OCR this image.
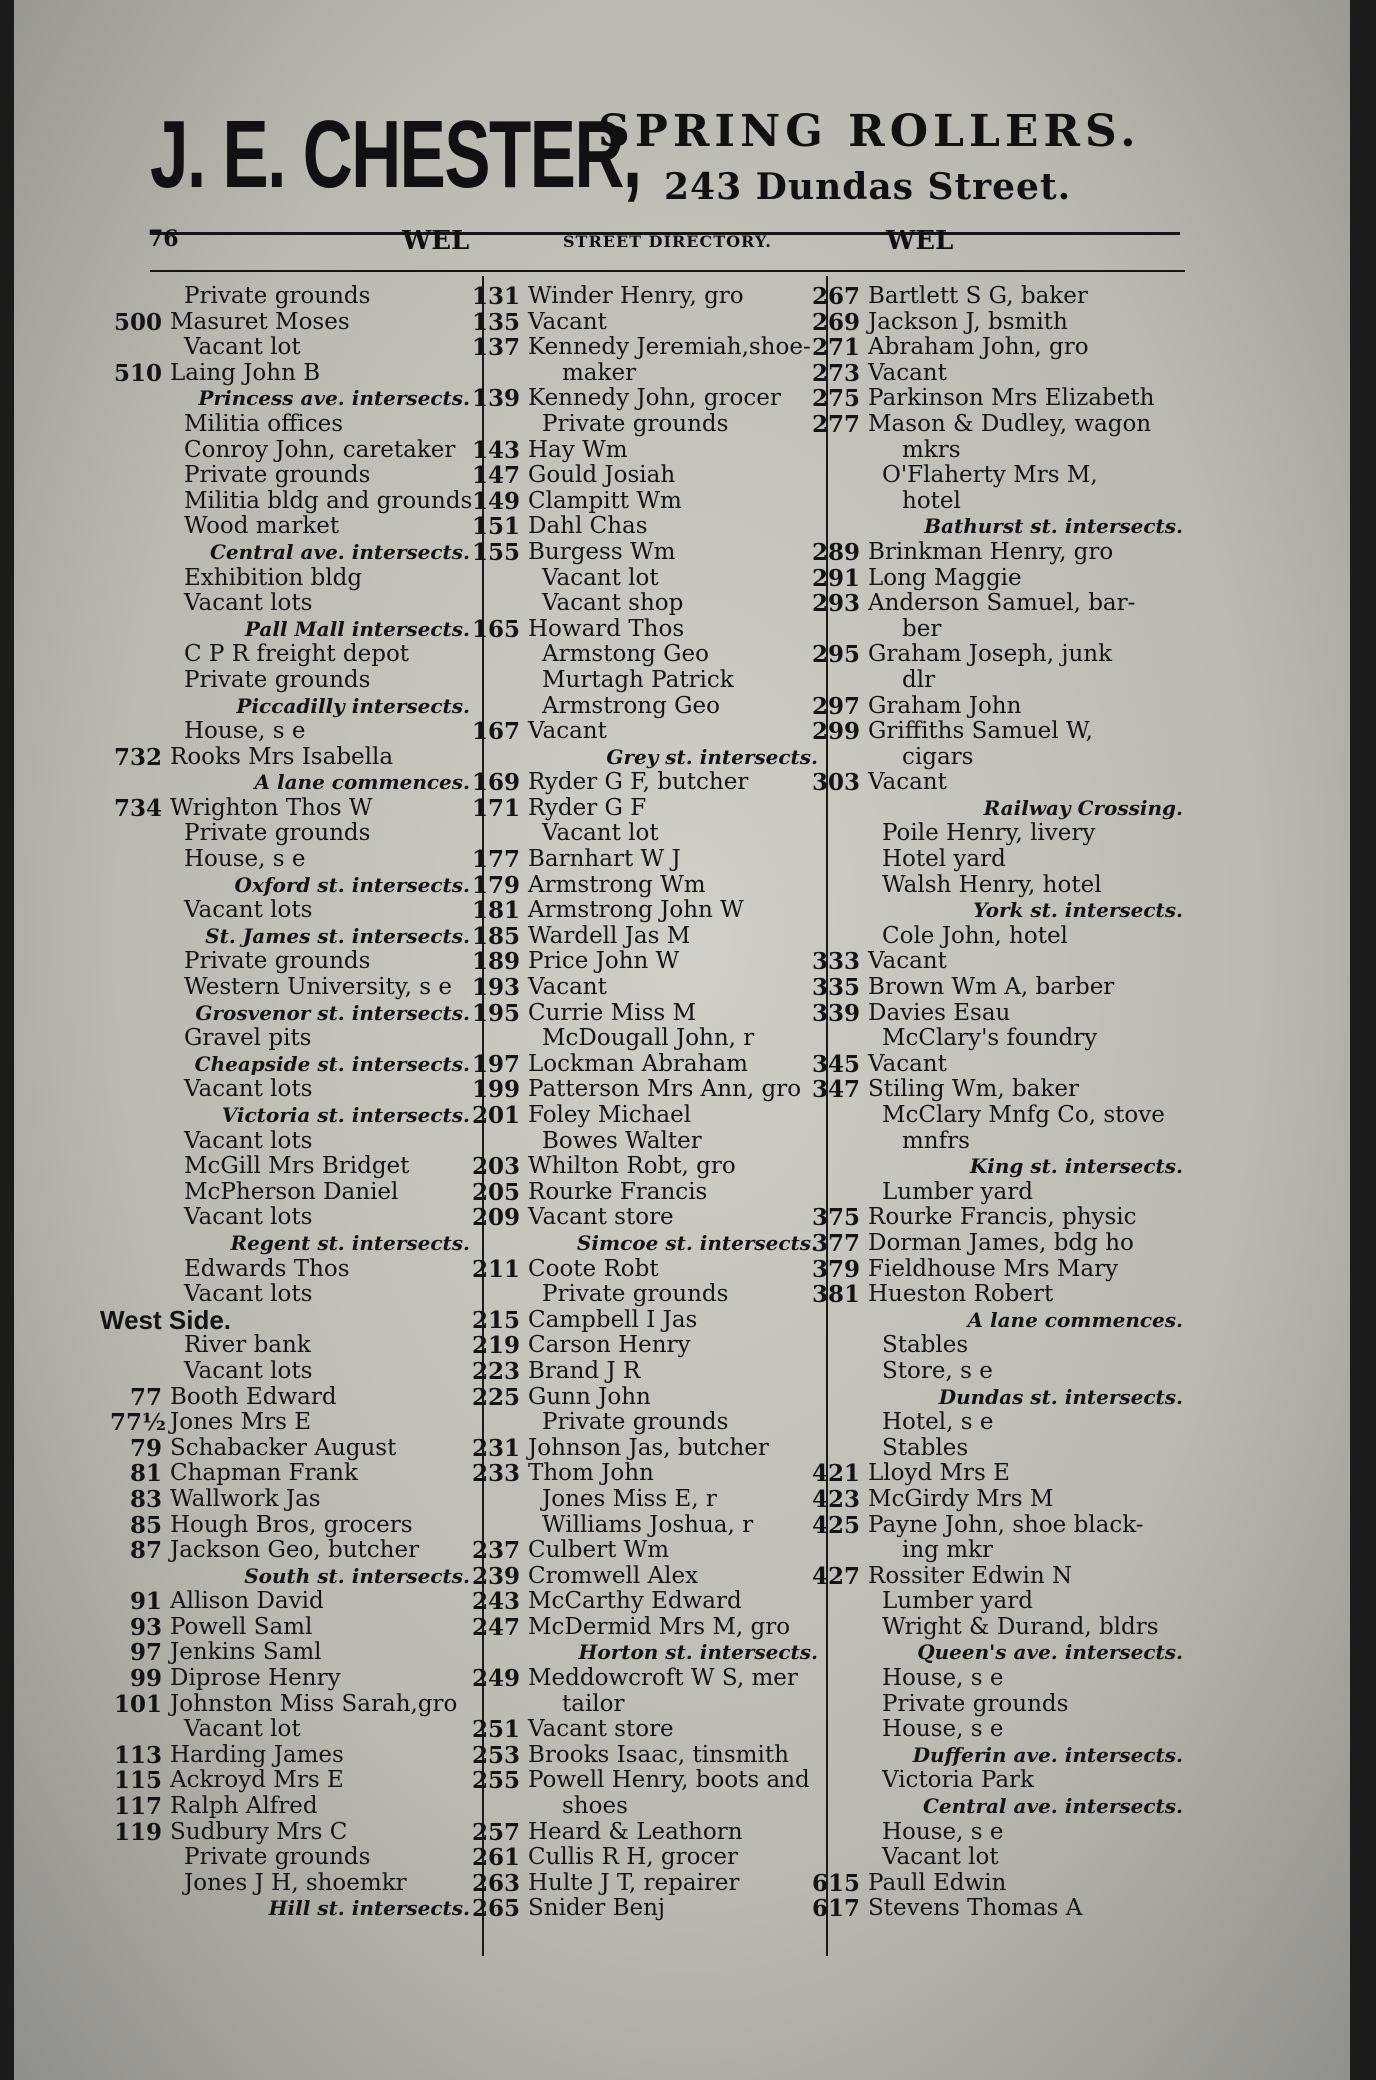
J. E. CHESTER,
SPRING ROLLERS.
243 Dundas Street.
76	WEL	STREET DIRECTORY.	WEL
Private grounds
500 Masuret Moses
Vacant lot
510 Laing John B
Princess ave. intersects.
Militia offices
Conroy John, caretaker
Private grounds
Militia bldg and grounds
Wood market
Central ave. intersects.
Exhibition bldg
Vacant lots
Pall Mall intersects.
C P R freight depot
Private grounds
Piccadilly intersects.
House, s e
732 Rooks Mrs Isabella
A lane commences.
734 Wrighton Thos W
Private grounds
House, s e
Oxford st. intersects.
Vacant lots
St. James st. intersects.
Private grounds
Western University, s e
Grosvenor st. intersects.
Gravel pits
Cheapside st. intersects.
Vacant lots
Victoria st. intersects.
Vacant lots
McGill Mrs Bridget
McPherson Daniel
Vacant lots
Regent st. intersects.
Edwards Thos
Vacant lots
West Side.
River bank
Vacant lots
77 Booth Edward
77½ Jones Mrs E
79 Schabacker August
81 Chapman Frank
83 Wallwork Jas
85 Hough Bros, grocers
87 Jackson Geo, butcher
South st. intersects.
91 Allison David
93 Powell Saml
97 Jenkins Saml
99 Diprose Henry
101 Johnston Miss Sarah,gro
Vacant lot
113 Harding James
115 Ackroyd Mrs E
117 Ralph Alfred
119 Sudbury Mrs C
Private grounds
Jones J H, shoemkr
Hill st. intersects.
131 Winder Henry, gro
135 Vacant
137 Kennedy Jeremiah,shoe-
maker
139 Kennedy John, grocer
Private grounds
143 Hay Wm
147 Gould Josiah
149 Clampitt Wm
151 Dahl Chas
155 Burgess Wm
Vacant lot
Vacant shop
165 Howard Thos
Armstong Geo
Murtagh Patrick
Armstrong Geo
167 Vacant
Grey st. intersects.
169 Ryder G F, butcher
171 Ryder G F
Vacant lot
177 Barnhart W J
179 Armstrong Wm
181 Armstrong John W
185 Wardell Jas M
189 Price John W
193 Vacant
195 Currie Miss M
McDougall John, r
197 Lockman Abraham
199 Patterson Mrs Ann, gro
201 Foley Michael
Bowes Walter
203 Whilton Robt, gro
205 Rourke Francis
209 Vacant store
Simcoe st. intersects.
211 Coote Robt
Private grounds
215 Campbell I Jas
219 Carson Henry
223 Brand J R
225 Gunn John
Private grounds
231 Johnson Jas, butcher
233 Thom John
Jones Miss E, r
Williams Joshua, r
237 Culbert Wm
239 Cromwell Alex
243 McCarthy Edward
247 McDermid Mrs M, gro
Horton st. intersects.
249 Meddowcroft W S, mer
tailor
251 Vacant store
253 Brooks Isaac, tinsmith
255 Powell Henry, boots and
shoes
257 Heard & Leathorn
261 Cullis R H, grocer
263 Hulte J T, repairer
265 Snider Benj
267 Bartlett S G, baker
269 Jackson J, bsmith
271 Abraham John, gro
273 Vacant
275 Parkinson Mrs Elizabeth
277 Mason & Dudley, wagon
mkrs
O'Flaherty Mrs M,
hotel
Bathurst st. intersects.
289 Brinkman Henry, gro
291 Long Maggie
293 Anderson Samuel, bar-
ber
295 Graham Joseph, junk
dlr
297 Graham John
299 Griffiths Samuel W,
cigars
303 Vacant
Railway Crossing.
Poile Henry, livery
Hotel yard
Walsh Henry, hotel
York st. intersects.
Cole John, hotel
333 Vacant
335 Brown Wm A, barber
339 Davies Esau
McClary's foundry
345 Vacant
347 Stiling Wm, baker
McClary Mnfg Co, stove
mnfrs
King st. intersects.
Lumber yard
375 Rourke Francis, physic
377 Dorman James, bdg ho
379 Fieldhouse Mrs Mary
381 Hueston Robert
A lane commences.
Stables
Store, s e
Dundas st. intersects.
Hotel, s e
Stables
421 Lloyd Mrs E
423 McGirdy Mrs M
425 Payne John, shoe black-
ing mkr
427 Rossiter Edwin N
Lumber yard
Wright & Durand, bldrs
Queen's ave. intersects.
House, s e
Private grounds
House, s e
Dufferin ave. intersects.
Victoria Park
Central ave. intersects.
House, s e
Vacant lot
615 Paull Edwin
617 Stevens Thomas A
